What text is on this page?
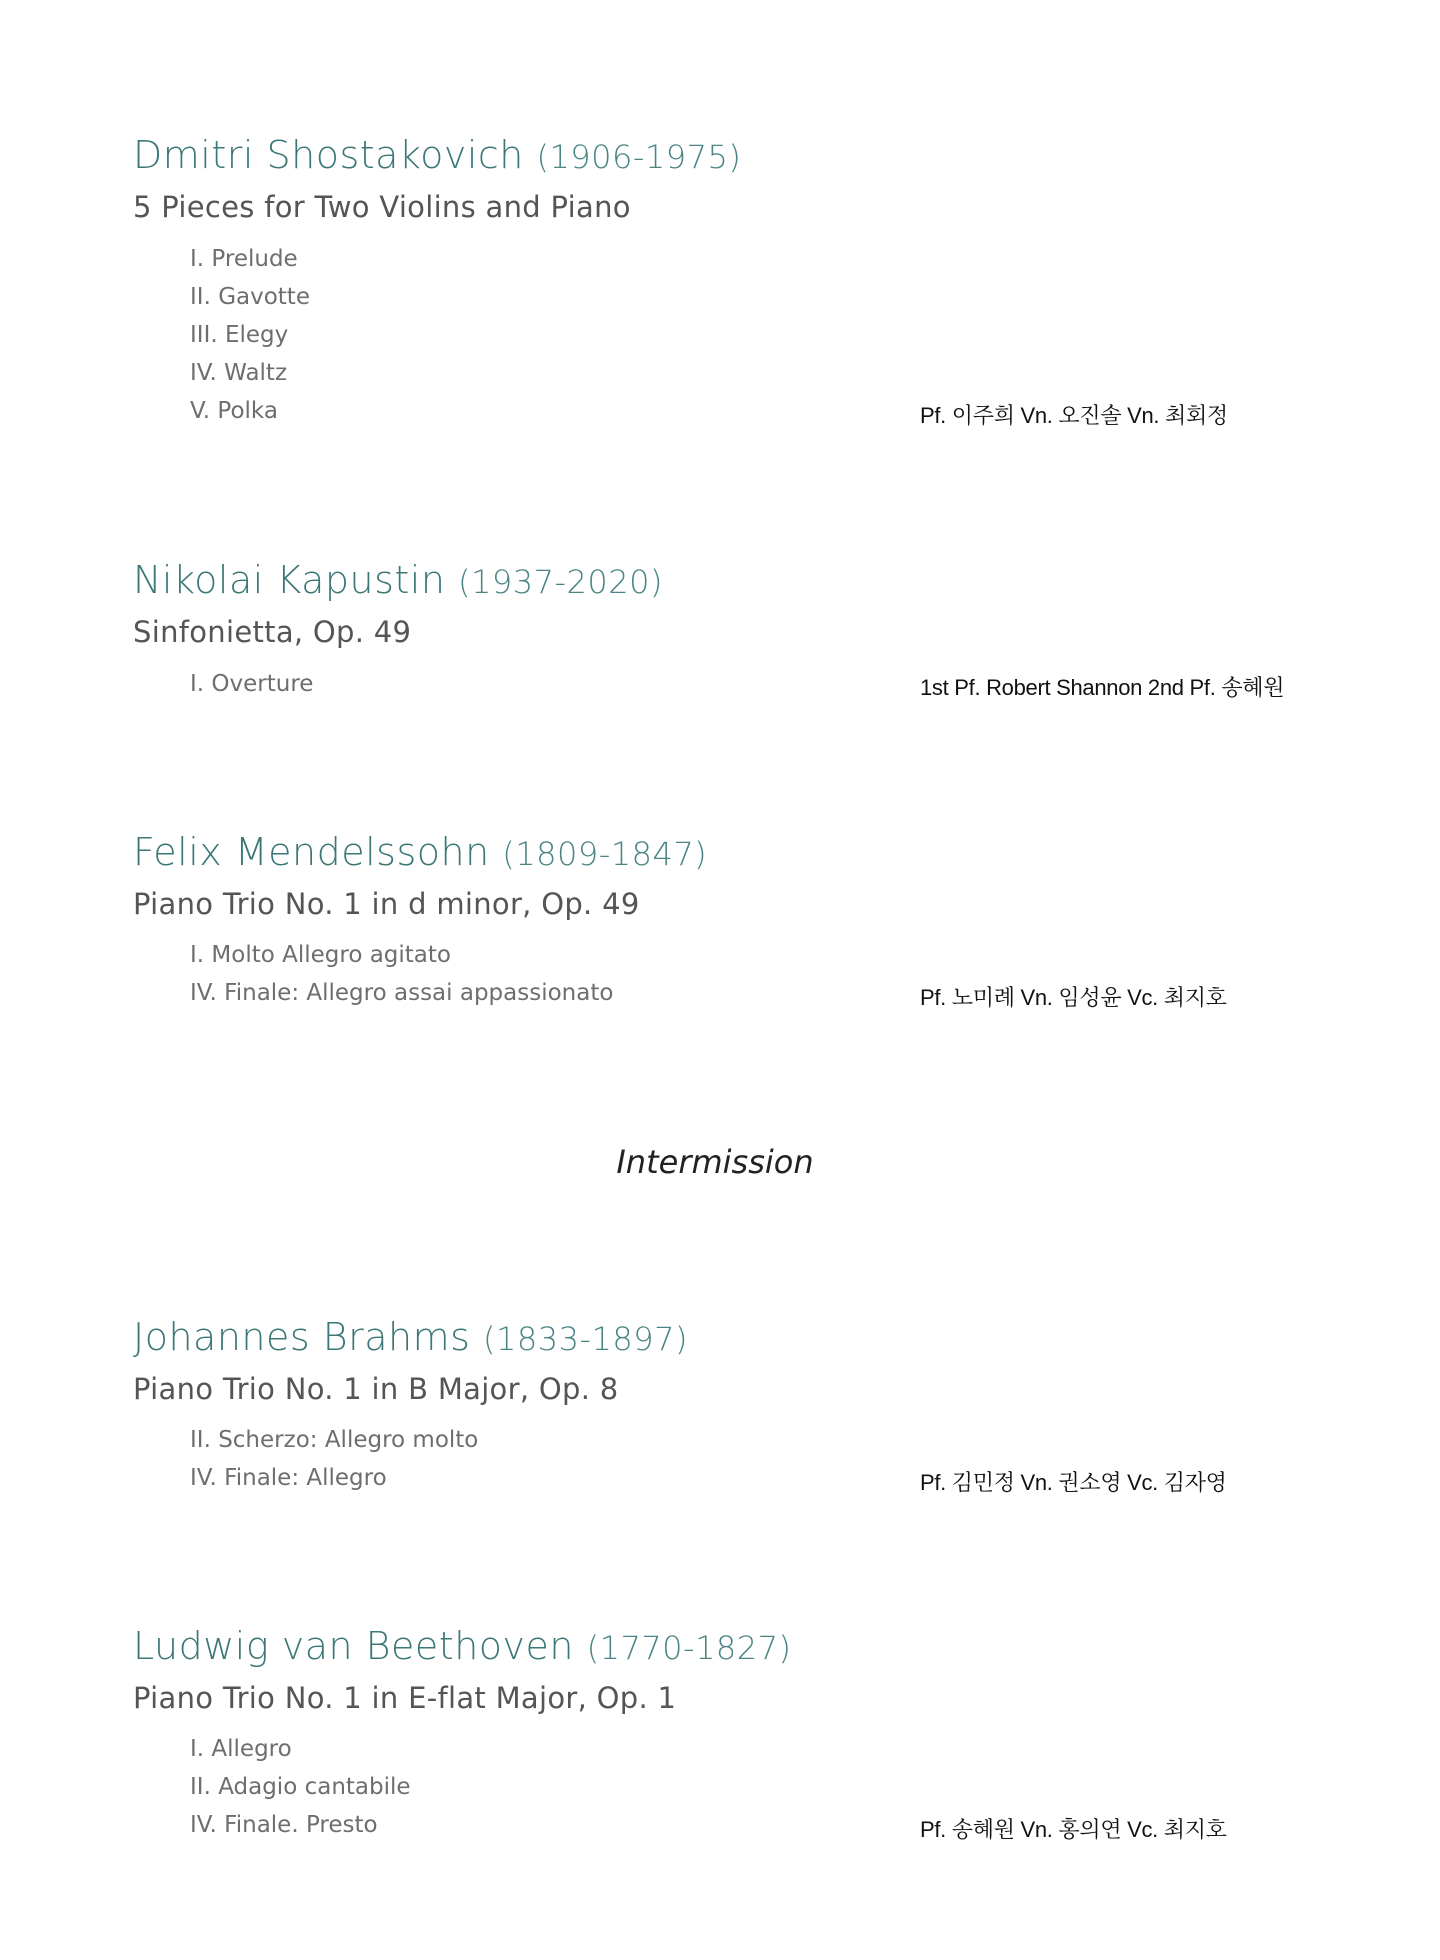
Dmitri Shostakovich (1906-1975)
5 Pieces for Two Violins and Piano
I. Prelude
II. Gavotte
III. Elegy
IV. Waltz
V. Polka	Pf. 이주희 Vn. 오진솔 Vn. 최회정
Nikolai Kapustin (1937-2020)
Sinfonietta, Op. 49
I. Overture	1st Pf. Robert Shannon 2nd Pf. 송혜원
Felix Mendelssohn (1809-1847)
Piano Trio No. 1 in d minor, Op. 49
I. Molto Allegro agitato
IV. Finale: Allegro assai appassionato	Pf. 노미례 Vn. 임성윤 Vc. 최지호
Intermission
Johannes Brahms (1833-1897)
Piano Trio No. 1 in B Major, Op. 8
II. Scherzo: Allegro molto
IV. Finale: Allegro	Pf. 김민정 Vn. 권소영 Vc. 김자영
Ludwig van Beethoven (1770-1827)
Piano Trio No. 1 in E-flat Major, Op. 1
I. Allegro
II. Adagio cantabile
IV. Finale. Presto	Pf. 송혜원 Vn. 홍의연 Vc. 최지호
